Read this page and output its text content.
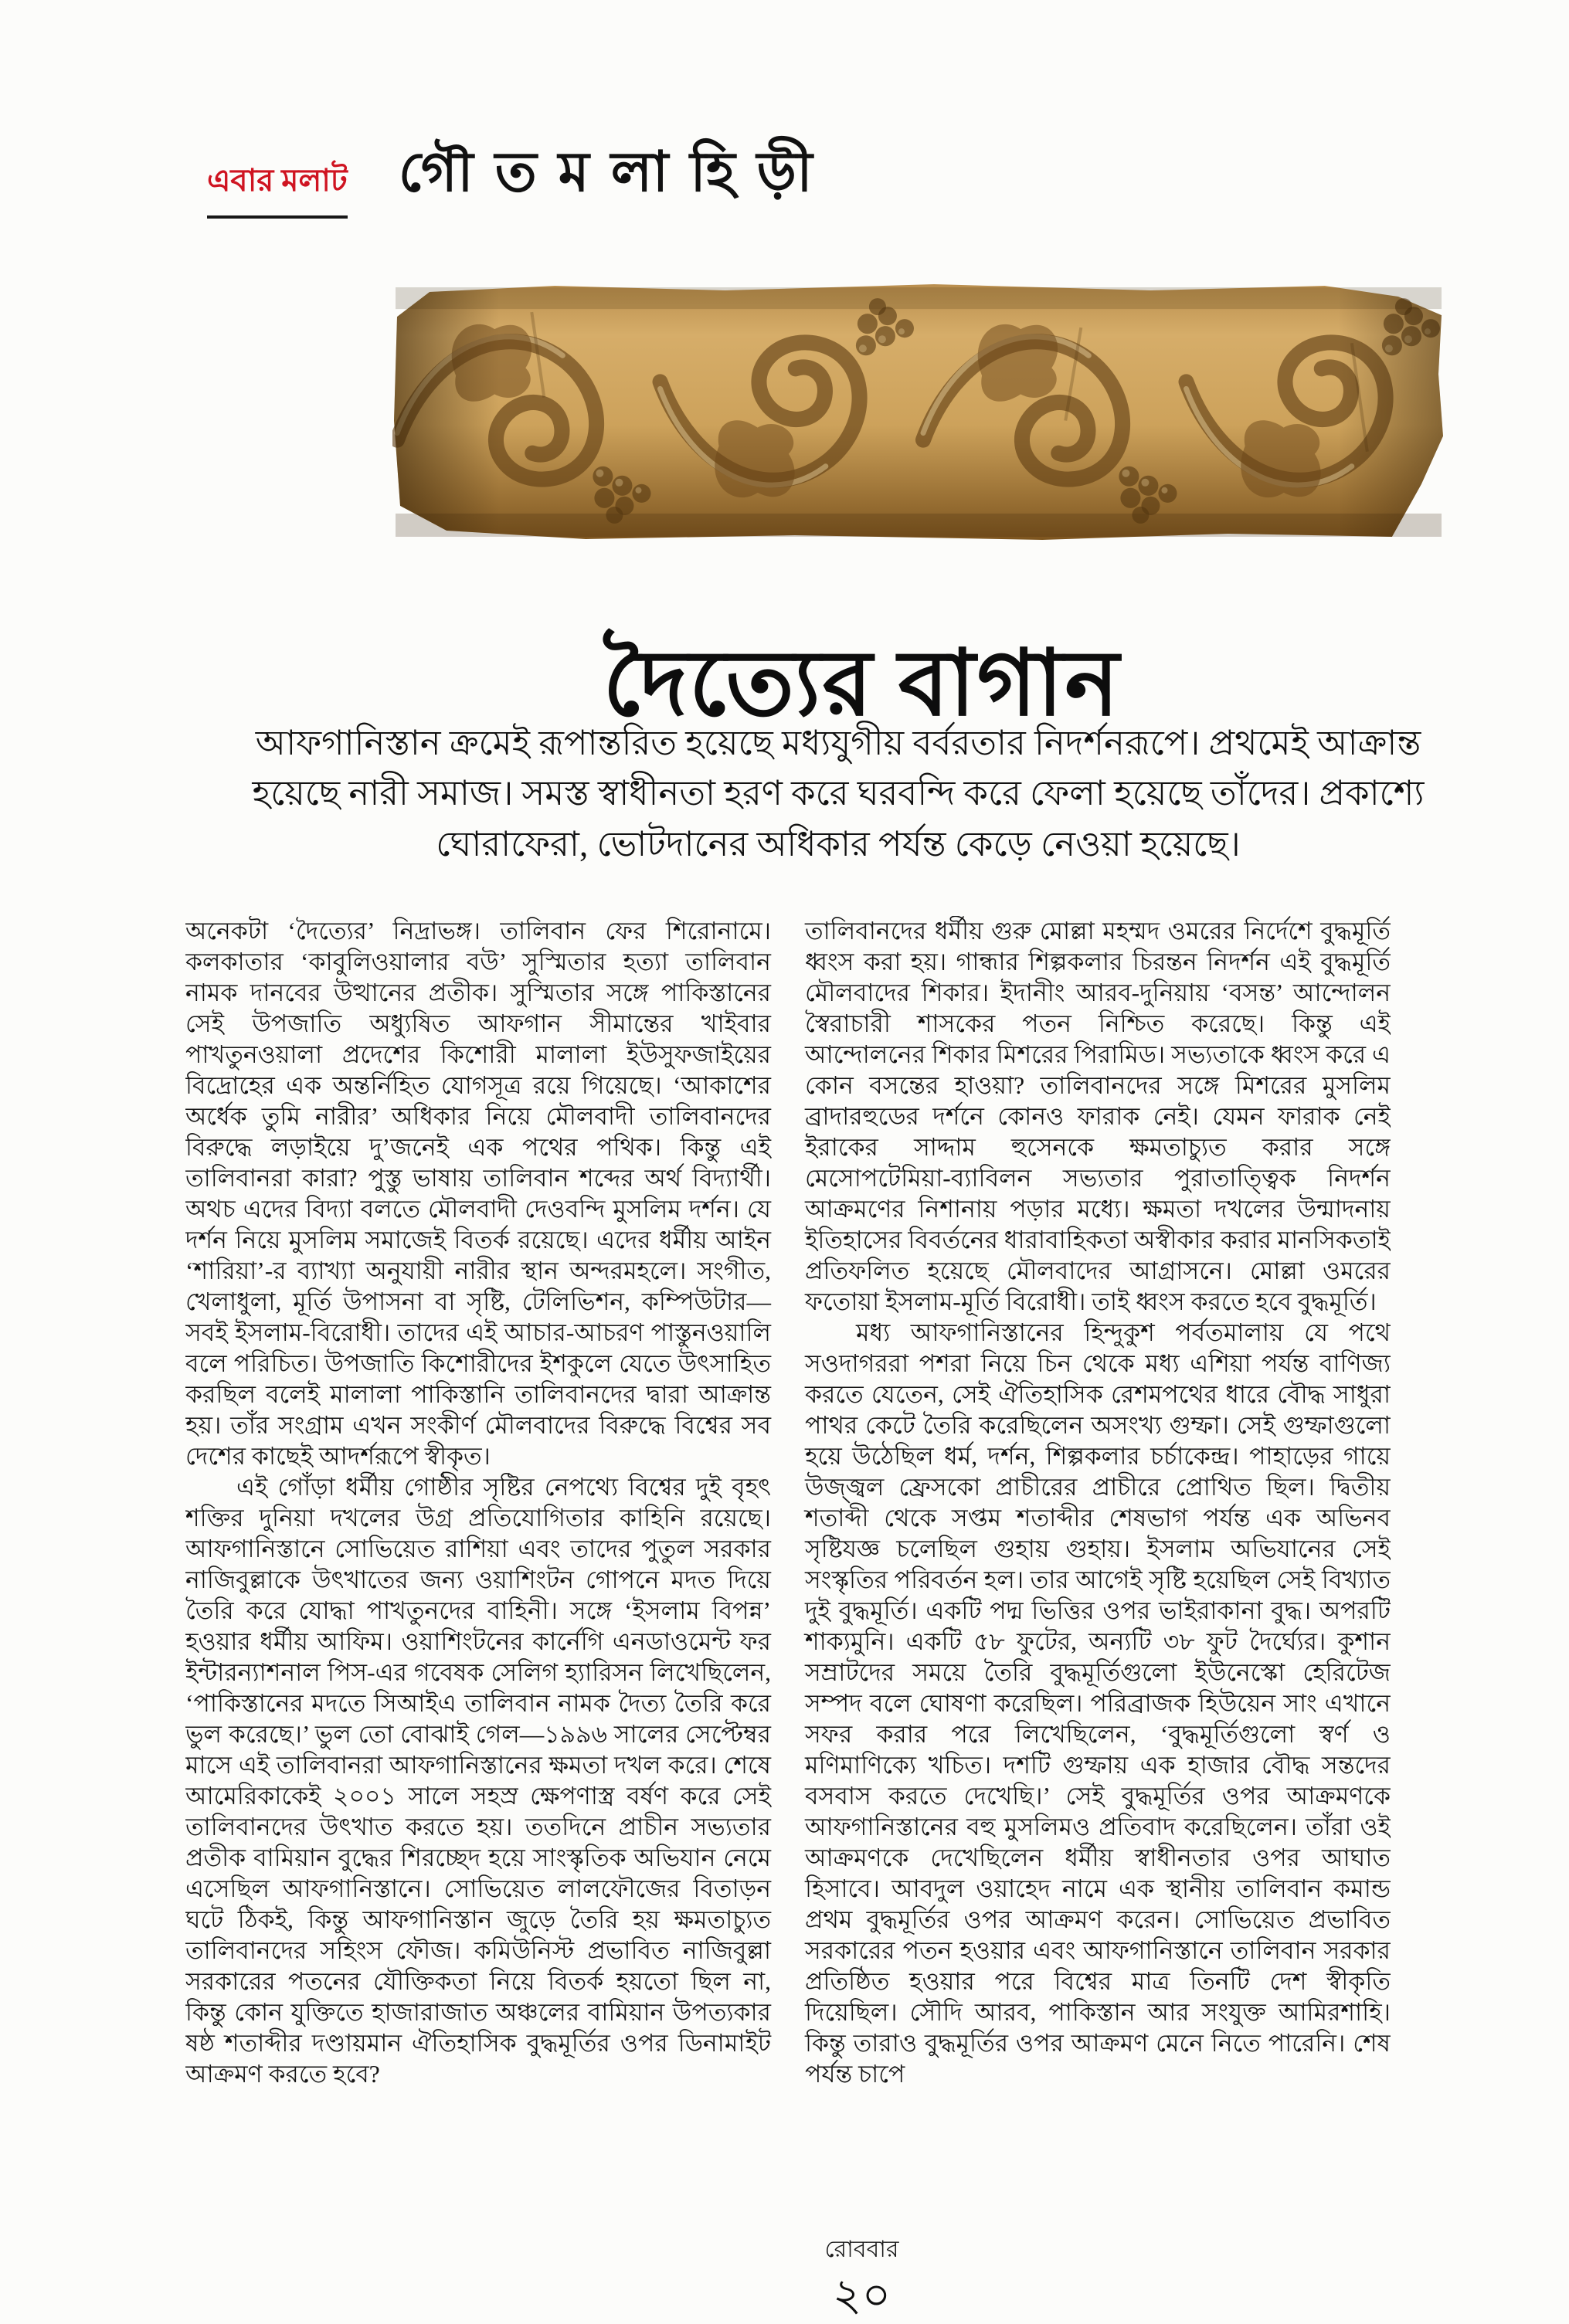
এবার মলাট গৌ ত ম লা হি ড়ী
দৈত্যের বাগান
আফগানিস্তান ক্রমেই রূপান্তরিত হয়েছে মধ্যযুগীয় বর্বরতার নিদর্শনরূপে। প্রথমেই আক্রান্ত হয়েছে নারী সমাজ। সমস্ত স্বাধীনতা হরণ করে ঘরবন্দি করে ফেলা হয়েছে তাঁদের। প্রকাশ্যে ঘোরাফেরা, ভোটদানের অধিকার পর্যন্ত কেড়ে নেওয়া হয়েছে।

অনেকটা ‘দৈত্যের’ নিদ্রাভঙ্গ। তালিবান ফের শিরোনামে। কলকাতার ‘কাবুলিওয়ালার বউ’ সুস্মিতার হত্যা তালিবান নামক দানবের উত্থানের প্রতীক। সুস্মিতার সঙ্গে পাকিস্তানের সেই উপজাতি অধ্যুষিত আফগান সীমান্তের খাইবার পাখতুনওয়ালা প্রদেশের কিশোরী মালালা ইউসুফজাইয়ের বিদ্রোহের এক অন্তর্নিহিত যোগসূত্র রয়ে গিয়েছে। ‘আকাশের অর্ধেক তুমি নারীর’ অধিকার নিয়ে মৌলবাদী তালিবানদের বিরুদ্ধে লড়াইয়ে দু’জনেই এক পথের পথিক। কিন্তু এই তালিবানরা কারা? পুস্তু ভাষায় তালিবান শব্দের অর্থ বিদ্যার্থী। অথচ এদের বিদ্যা বলতে মৌলবাদী দেওবন্দি মুসলিম দর্শন। যে দর্শন নিয়ে মুসলিম সমাজেই বিতর্ক রয়েছে। এদের ধর্মীয় আইন ‘শারিয়া’-র ব্যাখ্যা অনুযায়ী নারীর স্থান অন্দরমহলে। সংগীত, খেলাধুলা, মূর্তি উপাসনা বা সৃষ্টি, টেলিভিশন, কম্পিউটার—সবই ইসলাম-বিরোধী। তাদের এই আচার-আচরণ পাস্তুনওয়ালি বলে পরিচিত। উপজাতি কিশোরীদের ইশকুলে যেতে উৎসাহিত করছিল বলেই মালালা পাকিস্তানি তালিবানদের দ্বারা আক্রান্ত হয়। তাঁর সংগ্রাম এখন সংকীর্ণ মৌলবাদের বিরুদ্ধে বিশ্বের সব দেশের কাছেই আদর্শরূপে স্বীকৃত।

এই গোঁড়া ধর্মীয় গোষ্ঠীর সৃষ্টির নেপথ্যে বিশ্বের দুই বৃহৎ শক্তির দুনিয়া দখলের উগ্র প্রতিযোগিতার কাহিনি রয়েছে। আফগানিস্তানে সোভিয়েত রাশিয়া এবং তাদের পুতুল সরকার নাজিবুল্লাকে উৎখাতের জন্য ওয়াশিংটন গোপনে মদত দিয়ে তৈরি করে যোদ্ধা পাখতুনদের বাহিনী। সঙ্গে ‘ইসলাম বিপন্ন’ হওয়ার ধর্মীয় আফিম। ওয়াশিংটনের কার্নেগি এনডাওমেন্ট ফর ইন্টারন্যাশনাল পিস-এর গবেষক সেলিগ হ্যারিসন লিখেছিলেন, ‘পাকিস্তানের মদতে সিআইএ তালিবান নামক দৈত্য তৈরি করে ভুল করেছে।’ ভুল তো বোঝাই গেল—১৯৯৬ সালের সেপ্টেম্বর মাসে এই তালিবানরা আফগানিস্তানের ক্ষমতা দখল করে। শেষে আমেরিকাকেই ২০০১ সালে সহস্র ক্ষেপণাস্ত্র বর্ষণ করে সেই তালিবানদের উৎখাত করতে হয়। ততদিনে প্রাচীন সভ্যতার প্রতীক বামিয়ান বুদ্ধের শিরচ্ছেদ হয়ে সাংস্কৃতিক অভিযান নেমে এসেছিল আফগানিস্তানে। সোভিয়েত লালফৌজের বিতাড়ন ঘটে ঠিকই, কিন্তু আফগানিস্তান জুড়ে তৈরি হয় ক্ষমতাচ্যুত তালিবানদের সহিংস ফৌজ। কমিউনিস্ট প্রভাবিত নাজিবুল্লা সরকারের পতনের যৌক্তিকতা নিয়ে বিতর্ক হয়তো ছিল না, কিন্তু কোন যুক্তিতে হাজারাজাত অঞ্চলের বামিয়ান উপত্যকার ষষ্ঠ শতাব্দীর দণ্ডায়মান ঐতিহাসিক বুদ্ধমূর্তির ওপর ডিনামাইট আক্রমণ করতে হবে?

তালিবানদের ধর্মীয় গুরু মোল্লা মহম্মদ ওমরের নির্দেশে বুদ্ধমূর্তি ধ্বংস করা হয়। গান্ধার শিল্পকলার চিরন্তন নিদর্শন এই বুদ্ধমূর্তি মৌলবাদের শিকার। ইদানীং আরব-দুনিয়ায় ‘বসন্ত’ আন্দোলন স্বৈরাচারী শাসকের পতন নিশ্চিত করেছে। কিন্তু এই আন্দোলনের শিকার মিশরের পিরামিড। সভ্যতাকে ধ্বংস করে এ কোন বসন্তের হাওয়া? তালিবানদের সঙ্গে মিশরের মুসলিম ব্রাদারহুডের দর্শনে কোনও ফারাক নেই। যেমন ফারাক নেই ইরাকের সাদ্দাম হুসেনকে ক্ষমতাচ্যুত করার সঙ্গে মেসোপটেমিয়া-ব্যাবিলন সভ্যতার পুরাতাত্ত্বিক নিদর্শন আক্রমণের নিশানায় পড়ার মধ্যে। ক্ষমতা দখলের উন্মাদনায় ইতিহাসের বিবর্তনের ধারাবাহিকতা অস্বীকার করার মানসিকতাই প্রতিফলিত হয়েছে মৌলবাদের আগ্রাসনে। মোল্লা ওমরের ফতোয়া ইসলাম-মূর্তি বিরোধী। তাই ধ্বংস করতে হবে বুদ্ধমূর্তি।

মধ্য আফগানিস্তানের হিন্দুকুশ পর্বতমালায় যে পথে সওদাগররা পশরা নিয়ে চিন থেকে মধ্য এশিয়া পর্যন্ত বাণিজ্য করতে যেতেন, সেই ঐতিহাসিক রেশমপথের ধারে বৌদ্ধ সাধুরা পাথর কেটে তৈরি করেছিলেন অসংখ্য গুম্ফা। সেই গুম্ফাগুলো হয়ে উঠেছিল ধর্ম, দর্শন, শিল্পকলার চর্চাকেন্দ্র। পাহাড়ের গায়ে উজ্জ্বল ফ্রেসকো প্রাচীরের প্রাচীরে প্রোথিত ছিল। দ্বিতীয় শতাব্দী থেকে সপ্তম শতাব্দীর শেষভাগ পর্যন্ত এক অভিনব সৃষ্টিযজ্ঞ চলেছিল গুহায় গুহায়। ইসলাম অভিযানের সেই সংস্কৃতির পরিবর্তন হল। তার আগেই সৃষ্টি হয়েছিল সেই বিখ্যাত দুই বুদ্ধমূর্তি। একটি পদ্ম ভিত্তির ওপর ভাইরাকানা বুদ্ধ। অপরটি শাক্যমুনি। একটি ৫৮ ফুটের, অন্যটি ৩৮ ফুট দৈর্ঘ্যের। কুশান সম্রাটদের সময়ে তৈরি বুদ্ধমূর্তিগুলো ইউনেস্কো হেরিটেজ সম্পদ বলে ঘোষণা করেছিল। পরিব্রাজক হিউয়েন সাং এখানে সফর করার পরে লিখেছিলেন, ‘বুদ্ধমূর্তিগুলো স্বর্ণ ও মণিমাণিক্যে খচিত। দশটি গুম্ফায় এক হাজার বৌদ্ধ সন্তদের বসবাস করতে দেখেছি।’ সেই বুদ্ধমূর্তির ওপর আক্রমণকে আফগানিস্তানের বহু মুসলিমও প্রতিবাদ করেছিলেন। তাঁরা ওই আক্রমণকে দেখেছিলেন ধর্মীয় স্বাধীনতার ওপর আঘাত হিসাবে। আবদুল ওয়াহেদ নামে এক স্থানীয় তালিবান কমান্ড প্রথম বুদ্ধমূর্তির ওপর আক্রমণ করেন। সোভিয়েত প্রভাবিত সরকারের পতন হওয়ার এবং আফগানিস্তানে তালিবান সরকার প্রতিষ্ঠিত হওয়ার পরে বিশ্বের মাত্র তিনটি দেশ স্বীকৃতি দিয়েছিল। সৌদি আরব, পাকিস্তান আর সংযুক্ত আমিরশাহি। কিন্তু তারাও বুদ্ধমূর্তির ওপর আক্রমণ মেনে নিতে পারেনি। শেষ পর্যন্ত চাপে

রোববার
২০
